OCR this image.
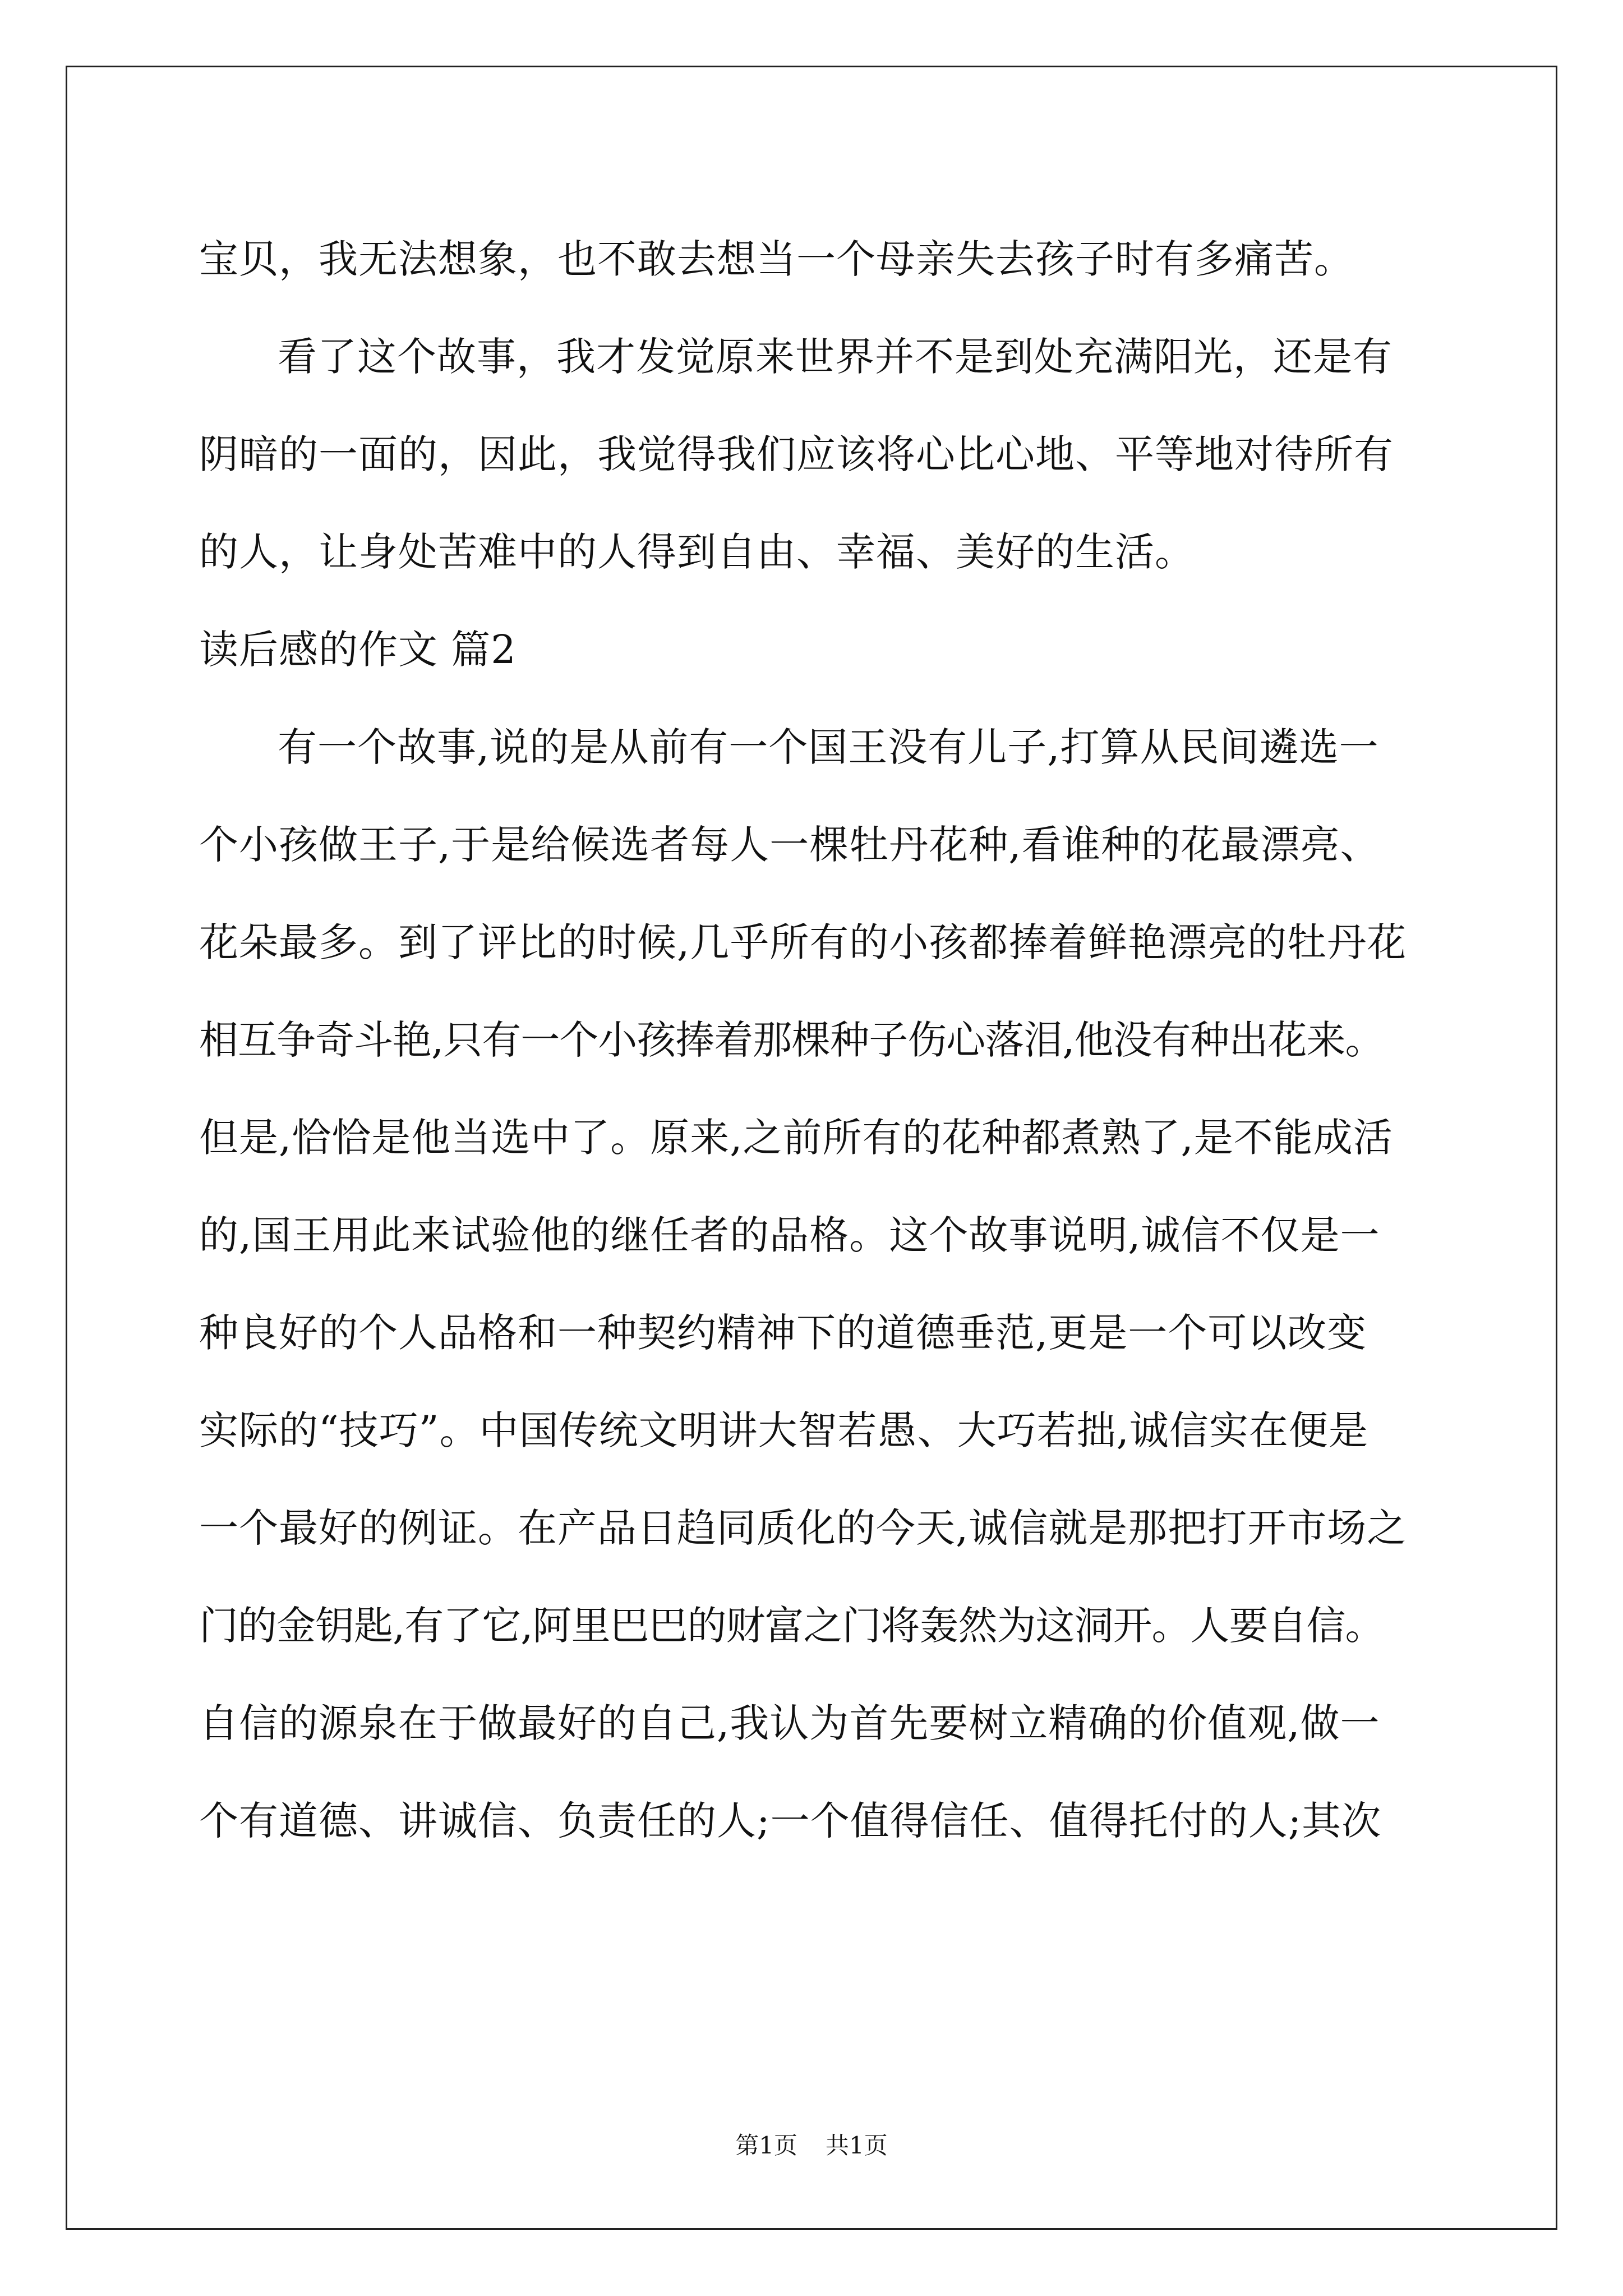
宝贝，我无法想象，也不敢去想当一个母亲失去孩子时有多痛苦。
看了这个故事，我才发觉原来世界并不是到处充满阳光，还是有
阴暗的一面的，因此，我觉得我们应该将心比心地、平等地对待所有
的人，让身处苦难中的人得到自由、幸福、美好的生活。
读后感的作文 篇2
有一个故事,说的是从前有一个国王没有儿子,打算从民间遴选一
个小孩做王子,于是给候选者每人一棵牡丹花种,看谁种的花最漂亮、
花朵最多。到了评比的时候,几乎所有的小孩都捧着鲜艳漂亮的牡丹花
相互争奇斗艳,只有一个小孩捧着那棵种子伤心落泪,他没有种出花来。
但是,恰恰是他当选中了。原来,之前所有的花种都煮熟了,是不能成活
的,国王用此来试验他的继任者的品格。这个故事说明,诚信不仅是一
种良好的个人品格和一种契约精神下的道德垂范,更是一个可以改变
实际的“技巧”。中国传统文明讲大智若愚、大巧若拙,诚信实在便是
一个最好的例证。在产品日趋同质化的今天,诚信就是那把打开市场之
门的金钥匙,有了它,阿里巴巴的财富之门将轰然为这洞开。人要自信。
自信的源泉在于做最好的自己,我认为首先要树立精确的价值观,做一
个有道德、讲诚信、负责任的人;一个值得信任、值得托付的人;其次
第1页 共1页
